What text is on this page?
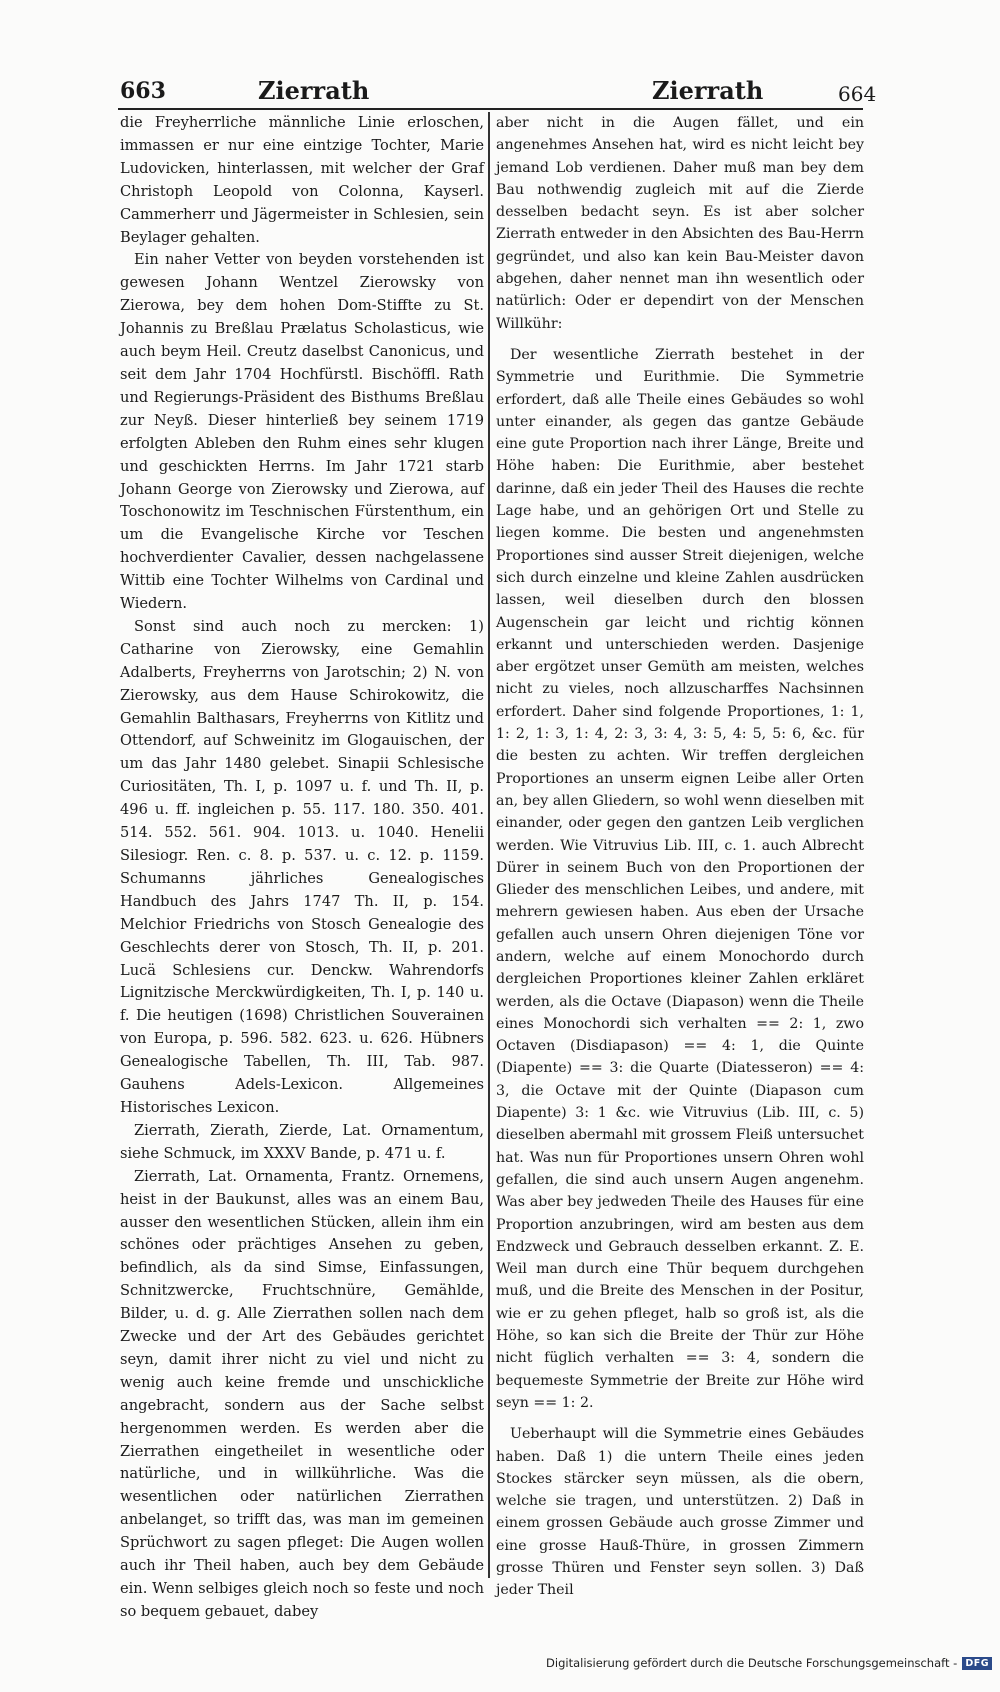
663	Zierrath	Zierrath	664

die Freyherrliche männliche Linie erloschen, immassen er nur eine eintzige Tochter, Marie Ludovicken, hinterlassen, mit welcher der Graf Christoph Leopold von Colonna, Kayserl. Cammerherr und Jägermeister in Schlesien, sein Beylager gehalten.

Ein naher Vetter von beyden vorstehenden ist gewesen Johann Wentzel Zierowsky von Zierowa, bey dem hohen Dom-Stiffte zu St. Johannis zu Breßlau Prælatus Scholasticus, wie auch beym Heil. Creutz daselbst Canonicus, und seit dem Jahr 1704 Hochfürstl. Bischöffl. Rath und Regierungs-Präsident des Bisthums Breßlau zur Neyß. Dieser hinterließ bey seinem 1719 erfolgten Ableben den Ruhm eines sehr klugen und geschickten Herrns. Im Jahr 1721 starb Johann George von Zierowsky und Zierowa, auf Toschonowitz im Teschnischen Fürstenthum, ein um die Evangelische Kirche vor Teschen hochverdienter Cavalier, dessen nachgelassene Wittib eine Tochter Wilhelms von Cardinal und Wiedern.

Sonst sind auch noch zu mercken: 1) Catharine von Zierowsky, eine Gemahlin Adalberts, Freyherrns von Jarotschin; 2) N. von Zierowsky, aus dem Hause Schirokowitz, die Gemahlin Balthasars, Freyherrns von Kitlitz und Ottendorf, auf Schweinitz im Glogauischen, der um das Jahr 1480 gelebet. Sinapii Schlesische Curiositäten, Th. I, p. 1097 u. f. und Th. II, p. 496 u. ff. ingleichen p. 55. 117. 180. 350. 401. 514. 552. 561. 904. 1013. u. 1040. Henelii Silesiogr. Ren. c. 8. p. 537. u. c. 12. p. 1159. Schumanns jährliches Genealogisches Handbuch des Jahrs 1747 Th. II, p. 154. Melchior Friedrichs von Stosch Genealogie des Geschlechts derer von Stosch, Th. II, p. 201. Lucä Schlesiens cur. Denckw. Wahrendorfs Lignitzische Merckwürdigkeiten, Th. I, p. 140 u. f. Die heutigen (1698) Christlichen Souverainen von Europa, p. 596. 582. 623. u. 626. Hübners Genealogische Tabellen, Th. III, Tab. 987. Gauhens Adels-Lexicon. Allgemeines Historisches Lexicon.

Zierrath, Zierath, Zierde, Lat. Ornamentum, siehe Schmuck, im XXXV Bande, p. 471 u. f.

Zierrath, Lat. Ornamenta, Frantz. Ornemens, heist in der Baukunst, alles was an einem Bau, ausser den wesentlichen Stücken, allein ihm ein schönes oder prächtiges Ansehen zu geben, befindlich, als da sind Simse, Einfassungen, Schnitzwercke, Fruchtschnüre, Gemählde, Bilder, u. d. g. Alle Zierrathen sollen nach dem Zwecke und der Art des Gebäudes gerichtet seyn, damit ihrer nicht zu viel und nicht zu wenig auch keine fremde und unschickliche angebracht, sondern aus der Sache selbst hergenommen werden. Es werden aber die Zierrathen eingetheilet in wesentliche oder natürliche, und in willkührliche. Was die wesentlichen oder natürlichen Zierrathen anbelanget, so trifft das, was man im gemeinen Sprüchwort zu sagen pfleget: Die Augen wollen auch ihr Theil haben, auch bey dem Gebäude ein. Wenn selbiges gleich noch so feste und noch so bequem gebauet, dabey

aber nicht in die Augen fället, und ein angenehmes Ansehen hat, wird es nicht leicht bey jemand Lob verdienen. Daher muß man bey dem Bau nothwendig zugleich mit auf die Zierde desselben bedacht seyn. Es ist aber solcher Zierrath entweder in den Absichten des Bau-Herrn gegründet, und also kan kein Bau-Meister davon abgehen, daher nennet man ihn wesentlich oder natürlich: Oder er dependirt von der Menschen Willkühr:

Der wesentliche Zierrath bestehet in der Symmetrie und Eurithmie. Die Symmetrie erfordert, daß alle Theile eines Gebäudes so wohl unter einander, als gegen das gantze Gebäude eine gute Proportion nach ihrer Länge, Breite und Höhe haben: Die Eurithmie, aber bestehet darinne, daß ein jeder Theil des Hauses die rechte Lage habe, und an gehörigen Ort und Stelle zu liegen komme. Die besten und angenehmsten Proportiones sind ausser Streit diejenigen, welche sich durch einzelne und kleine Zahlen ausdrücken lassen, weil dieselben durch den blossen Augenschein gar leicht und richtig können erkannt und unterschieden werden. Dasjenige aber ergötzet unser Gemüth am meisten, welches nicht zu vieles, noch allzuscharffes Nachsinnen erfordert. Daher sind folgende Proportiones, 1: 1, 1: 2, 1: 3, 1: 4, 2: 3, 3: 4, 3: 5, 4: 5, 5: 6, &c. für die besten zu achten. Wir treffen dergleichen Proportiones an unserm eignen Leibe aller Orten an, bey allen Gliedern, so wohl wenn dieselben mit einander, oder gegen den gantzen Leib verglichen werden. Wie Vitruvius Lib. III, c. 1. auch Albrecht Dürer in seinem Buch von den Proportionen der Glieder des menschlichen Leibes, und andere, mit mehrern gewiesen haben. Aus eben der Ursache gefallen auch unsern Ohren diejenigen Töne vor andern, welche auf einem Monochordo durch dergleichen Proportiones kleiner Zahlen erkläret werden, als die Octave (Diapason) wenn die Theile eines Monochordi sich verhalten == 2: 1, zwo Octaven (Disdiapason) == 4: 1, die Quinte (Diapente) == 3: die Quarte (Diatesseron) == 4: 3, die Octave mit der Quinte (Diapason cum Diapente) 3: 1 &c. wie Vitruvius (Lib. III, c. 5) dieselben abermahl mit grossem Fleiß untersuchet hat. Was nun für Proportiones unsern Ohren wohl gefallen, die sind auch unsern Augen angenehm. Was aber bey jedweden Theile des Hauses für eine Proportion anzubringen, wird am besten aus dem Endzweck und Gebrauch desselben erkannt. Z. E. Weil man durch eine Thür bequem durchgehen muß, und die Breite des Menschen in der Positur, wie er zu gehen pfleget, halb so groß ist, als die Höhe, so kan sich die Breite der Thür zur Höhe nicht füglich verhalten == 3: 4, sondern die bequemeste Symmetrie der Breite zur Höhe wird seyn == 1: 2.

Ueberhaupt will die Symmetrie eines Gebäudes haben. Daß 1) die untern Theile eines jeden Stockes stärcker seyn müssen, als die obern, welche sie tragen, und unterstützen. 2) Daß in einem grossen Gebäude auch grosse Zimmer und eine grosse Hauß-Thüre, in grossen Zimmern grosse Thüren und Fenster seyn sollen. 3) Daß jeder Theil

Digitalisierung gefördert durch die Deutsche Forschungsgemeinschaft - DFG
